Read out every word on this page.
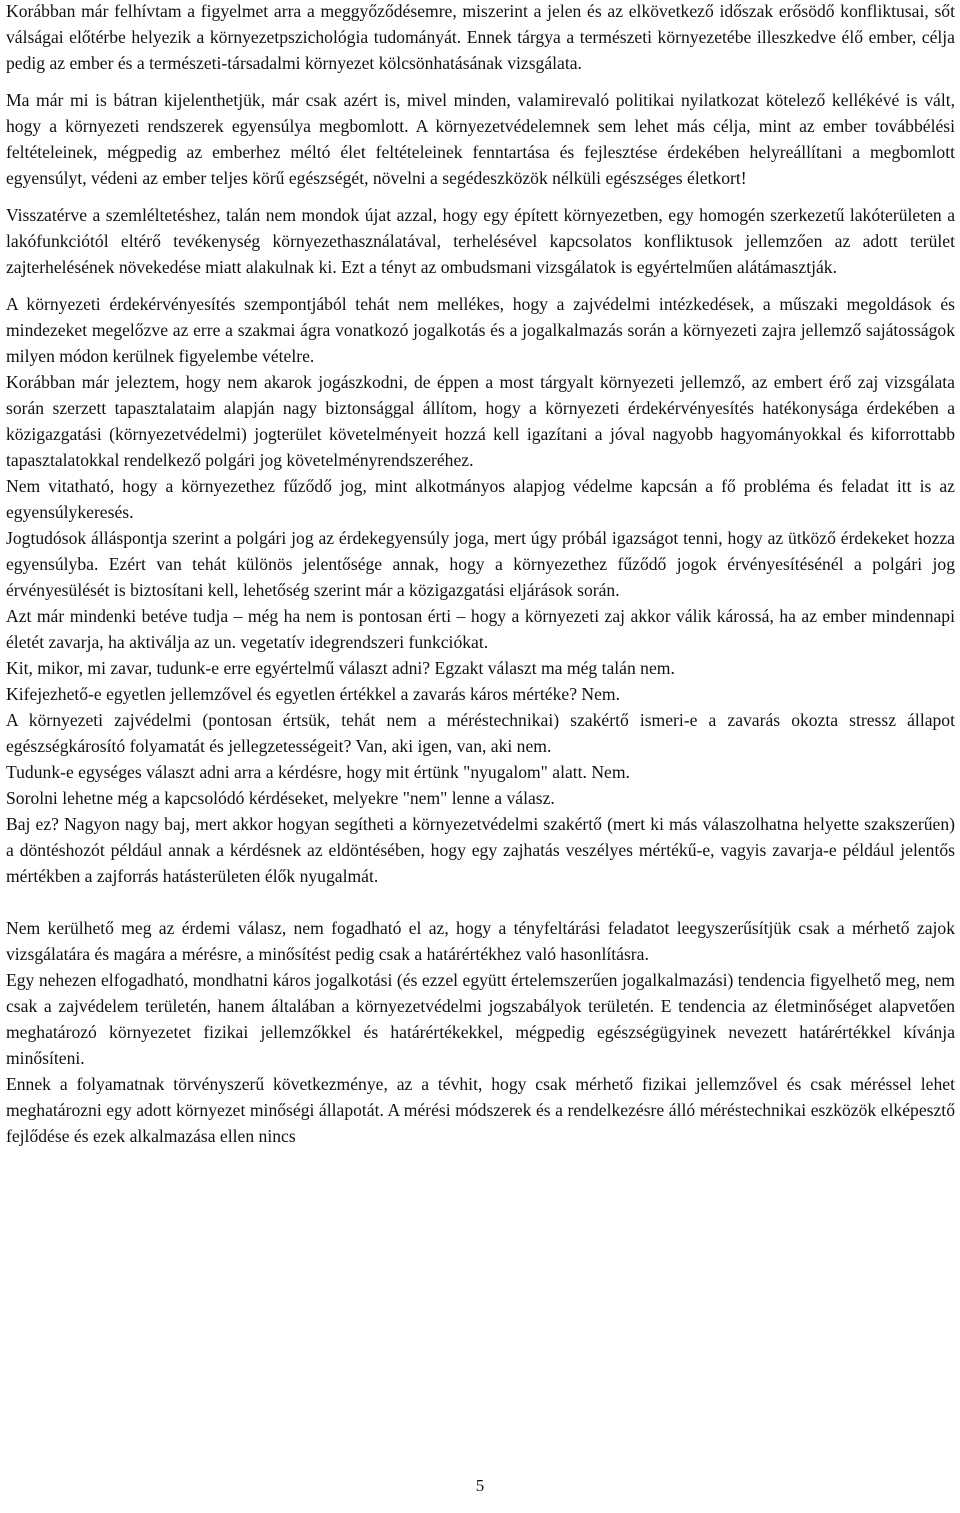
Korábban már felhívtam a figyelmet arra a meggyőződésemre, miszerint a jelen és az elkövetkező időszak erősödő konfliktusai, sőt válságai előtérbe helyezik a környezetpszichológia tudományát. Ennek tárgya a természeti környezetébe illeszkedve élő ember, célja pedig az ember és a természeti-társadalmi környezet kölcsönhatásának vizsgálata.

Ma már mi is bátran kijelenthetjük, már csak azért is, mivel minden, valamirevaló politikai nyilatkozat kötelező kellékévé is vált, hogy a környezeti rendszerek egyensúlya megbomlott. A környezetvédelemnek sem lehet más célja, mint az ember továbbélési feltételeinek, mégpedig az emberhez méltó élet feltételeinek fenntartása és fejlesztése érdekében helyreállítani a megbomlott egyensúlyt, védeni az ember teljes körű egészségét, növelni a segédeszközök nélküli egészséges életkort!

Visszatérve a szemléltetéshez, talán nem mondok újat azzal, hogy egy épített környezetben, egy homogén szerkezetű lakóterületen a lakófunkciótól eltérő tevékenység környezethasználatával, terhelésével kapcsolatos konfliktusok jellemzően az adott terület zajterhelésének növekedése miatt alakulnak ki. Ezt a tényt az ombudsmani vizsgálatok is egyértelműen alátámasztják.

A környezeti érdekérvényesítés szempontjából tehát nem mellékes, hogy a zajvédelmi intézkedések, a műszaki megoldások és mindezeket megelőzve az erre a szakmai ágra vonatkozó jogalkotás és a jogalkalmazás során a környezeti zajra jellemző sajátosságok milyen módon kerülnek figyelembe vételre.

Korábban már jeleztem, hogy nem akarok jogászkodni, de éppen a most tárgyalt környezeti jellemző, az embert érő zaj vizsgálata során szerzett tapasztalataim alapján nagy biztonsággal állítom, hogy a környezeti érdekérvényesítés hatékonysága érdekében a közigazgatási (környezetvédelmi) jogterület követelményeit hozzá kell igazítani a jóval nagyobb hagyományokkal és kiforrottabb tapasztalatokkal rendelkező polgári jog követelményrendszeréhez.

Nem vitatható, hogy a környezethez fűződő jog, mint alkotmányos alapjog védelme kapcsán a fő probléma és feladat itt is az egyensúlykeresés.

Jogtudósok álláspontja szerint a polgári jog az érdekegyensúly joga, mert úgy próbál igazságot tenni, hogy az ütköző érdekeket hozza egyensúlyba. Ezért van tehát különös jelentősége annak, hogy a környezethez fűződő jogok érvényesítésénél a polgári jog érvényesülését is biztosítani kell, lehetőség szerint már a közigazgatási eljárások során.

Azt már mindenki betéve tudja – még ha nem is pontosan érti – hogy a környezeti zaj akkor válik károssá, ha az ember mindennapi életét zavarja, ha aktiválja az un. vegetatív idegrendszeri funkciókat.

Kit, mikor, mi zavar, tudunk-e erre egyértelmű választ adni? Egzakt választ ma még talán nem.

Kifejezhető-e egyetlen jellemzővel és egyetlen értékkel a zavarás káros mértéke? Nem.

A környezeti zajvédelmi (pontosan értsük, tehát nem a méréstechnikai) szakértő ismeri-e a zavarás okozta stressz állapot egészségkárosító folyamatát és jellegzetességeit? Van, aki igen, van, aki nem.

Tudunk-e egységes választ adni arra a kérdésre, hogy mit értünk "nyugalom" alatt. Nem.

Sorolni lehetne még a kapcsolódó kérdéseket, melyekre "nem" lenne a válasz.

Baj ez? Nagyon nagy baj, mert akkor hogyan segítheti a környezetvédelmi szakértő (mert ki más válaszolhatna helyette szakszerűen) a döntéshozót például annak a kérdésnek az eldöntésében, hogy egy zajhatás veszélyes mértékű-e, vagyis zavarja-e például jelentős mértékben a zajforrás hatásterületen élők nyugalmát.

Nem kerülhető meg az érdemi válasz, nem fogadható el az, hogy a tényfeltárási feladatot leegyszerűsítjük csak a mérhető zajok vizsgálatára és magára a mérésre, a minősítést pedig csak a határértékhez való hasonlításra.

Egy nehezen elfogadható, mondhatni káros jogalkotási (és ezzel együtt értelemszerűen jogalkalmazási) tendencia figyelhető meg, nem csak a zajvédelem területén, hanem általában a környezetvédelmi jogszabályok területén. E tendencia az életminőséget alapvetően meghatározó környezetet fizikai jellemzőkkel és határértékekkel, mégpedig egészségügyinek nevezett határértékkel kívánja minősíteni.

Ennek a folyamatnak törvényszerű következménye, az a tévhit, hogy csak mérhető fizikai jellemzővel és csak méréssel lehet meghatározni egy adott környezet minőségi állapotát. A mérési módszerek és a rendelkezésre álló méréstechnikai eszközök elképesztő fejlődése és ezek alkalmazása ellen nincs

5
